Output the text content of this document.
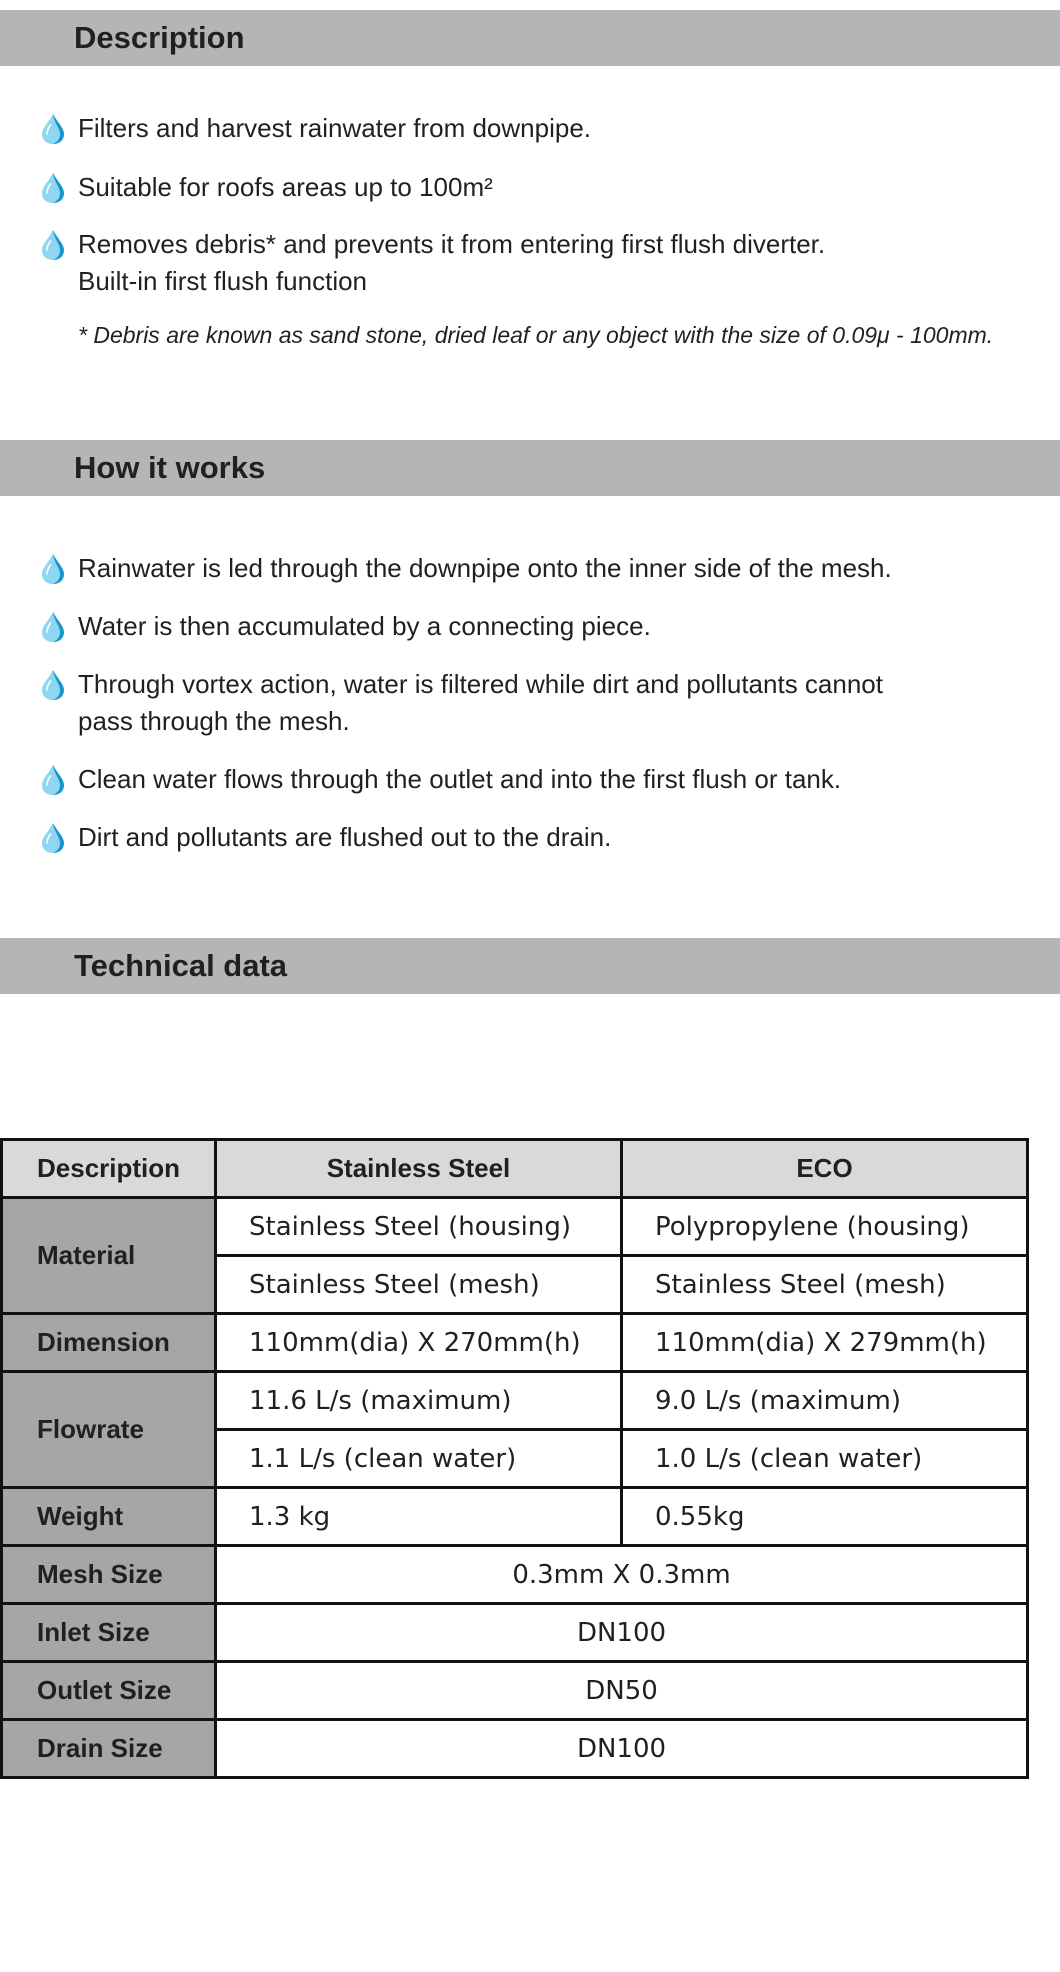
Description
Filters and harvest rainwater from downpipe.
Suitable for roofs areas up to 100m²
Removes debris* and prevents it from entering first flush diverter.
Built-in first flush function
* Debris are known as sand stone, dried leaf or any object with the size of 0.09μ - 100mm.
How it works
Rainwater is led through the downpipe onto the inner side of the mesh.
Water is then accumulated by a connecting piece.
Through vortex action, water is filtered while dirt and pollutants cannot
pass through the mesh.
Clean water flows through the outlet and into the first flush or tank.
Dirt and pollutants are flushed out to the drain.
Technical data
Description	Stainless Steel	ECO
Material	Stainless Steel (housing)	Polypropylene (housing)
	Stainless Steel (mesh)	Stainless Steel (mesh)
Dimension	110mm(dia) X 270mm(h)	110mm(dia) X 279mm(h)
Flowrate	11.6 L/s (maximum)	9.0 L/s (maximum)
	1.1 L/s (clean water)	1.0 L/s (clean water)
Weight	1.3 kg	0.55kg
Mesh Size	0.3mm X 0.3mm	
Inlet Size	DN100	
Outlet Size	DN50	
Drain Size	DN100	
